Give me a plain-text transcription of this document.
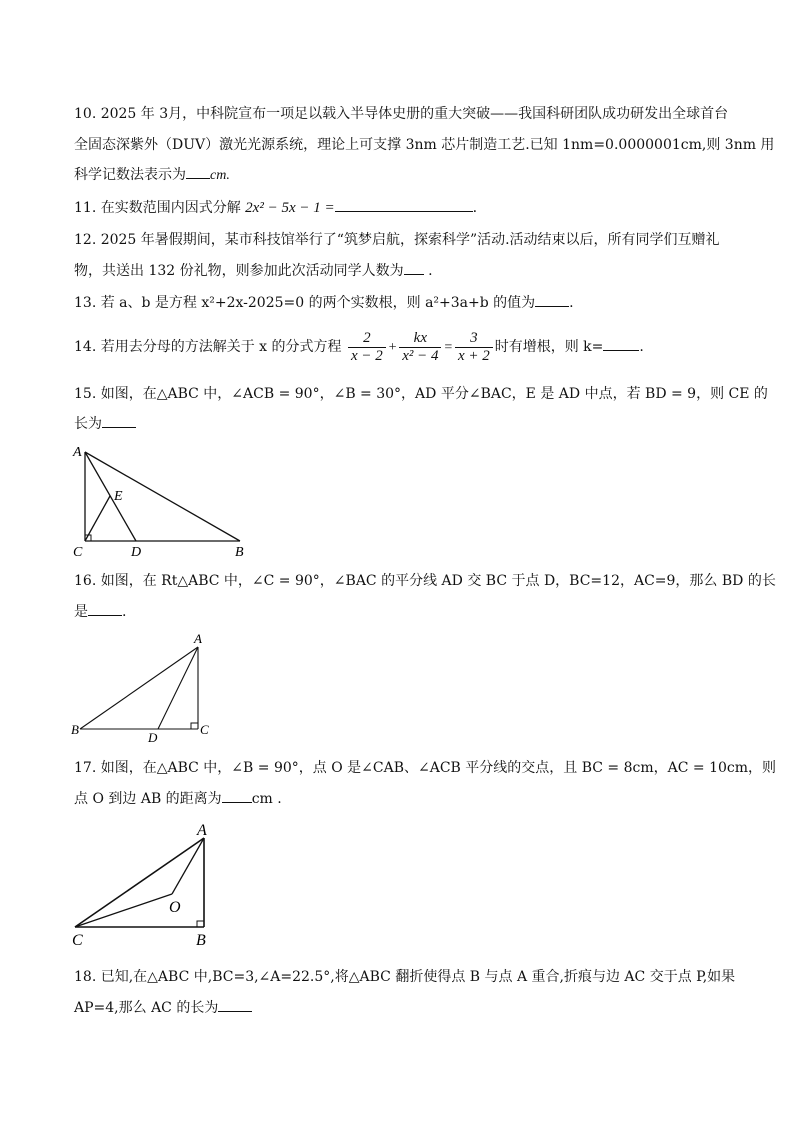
10. 2025 年 3月，中科院宣布一项足以载入半导体史册的重大突破——我国科研团队成功研发出全球首台
全固态深紫外（DUV）激光光源系统，理论上可支撑 3nm 芯片制造工艺.已知 1nm=0.0000001cm,则 3nm 用
科学记数法表示为 cm.
11. 在实数范围内因式分解 2x² − 5x − 1 =	.
12. 2025 年暑假期间，某市科技馆举行了“筑梦启航，探索科学”活动.活动结束以后，所有同学们互赠礼
物，共送出 132 份礼物，则参加此次活动同学人数为 .
13. 若 a、b 是方程 x²+2x-2025=0 的两个实数根，则 a²+3a+b 的值为 .
14. 若用去分母的方法解关于 x 的分式方程 $\frac{2}{x - 2} + \frac{kx}{\text{x² − 4}} = \frac{3}{x + 2}$ 时有增根，则 k=	.
15. 如图，在△ABC 中，∠ACB = 90°，∠B = 30°，AD 平分∠BAC，E 是 AD 中点，若 BD = 9，则 CE 的
长为
A
E
C	D	B
16. 如图，在 Rt△ABC 中，∠C = 90°，∠BAC 的平分线 AD 交 BC 于点 D，BC=12，AC=9，那么 BD 的长
是 .
A
B	C
D
17. 如图，在△ABC 中，∠B = 90°，点 O 是∠CAB、∠ACB 平分线的交点，且 BC = 8cm，AC = 10cm，则
点 O 到边 AB 的距离为 cm .
A
O
C	B
18. 已知,在△ABC 中,BC=3,∠A=22.5°,将△ABC 翻折使得点 B 与点 A 重合,折痕与边 AC 交于点 P,如果
AP=4,那么 AC 的长为
